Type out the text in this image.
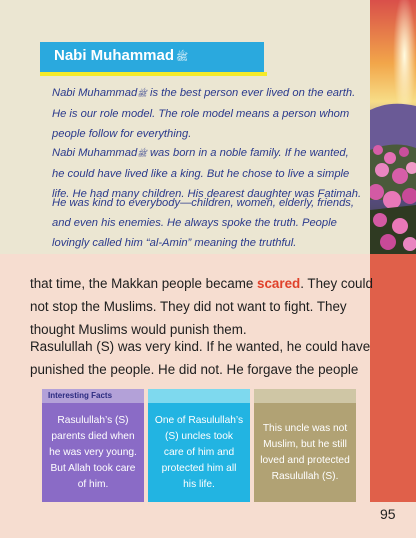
95
Nabi Muhammad ﷺ

Nabi Muhammadﷺ is the best person ever lived on the earth. He is our role model. The role model means a person whom people follow for everything.

Nabi Muhammadﷺ was born in a noble family. If he wanted, he could have lived like a king. But he chose to live a simple life. He had many children. His dearest daughter was Fatimah.

He was kind to everybody—children, women, elderly, friends, and even his enemies. He always spoke the truth. People lovingly called him “al-Amin” meaning the truthful.

that time, the Makkan people became scared. They could
not stop the Muslims. They did not want to fight. They
thought Muslims would punish them.

Rasulullah (S) was very kind. If he wanted, he could have
punished the people. He did not. He forgave the people

Rasulullah’s (S) parents died when he was very young. But Allah took care of him.
One of Rasulullah’s (S) uncles took care of him and protected him all his life.
This uncle was not Muslim, but he still loved and protected Rasulullah (S).
Interesting Facts
